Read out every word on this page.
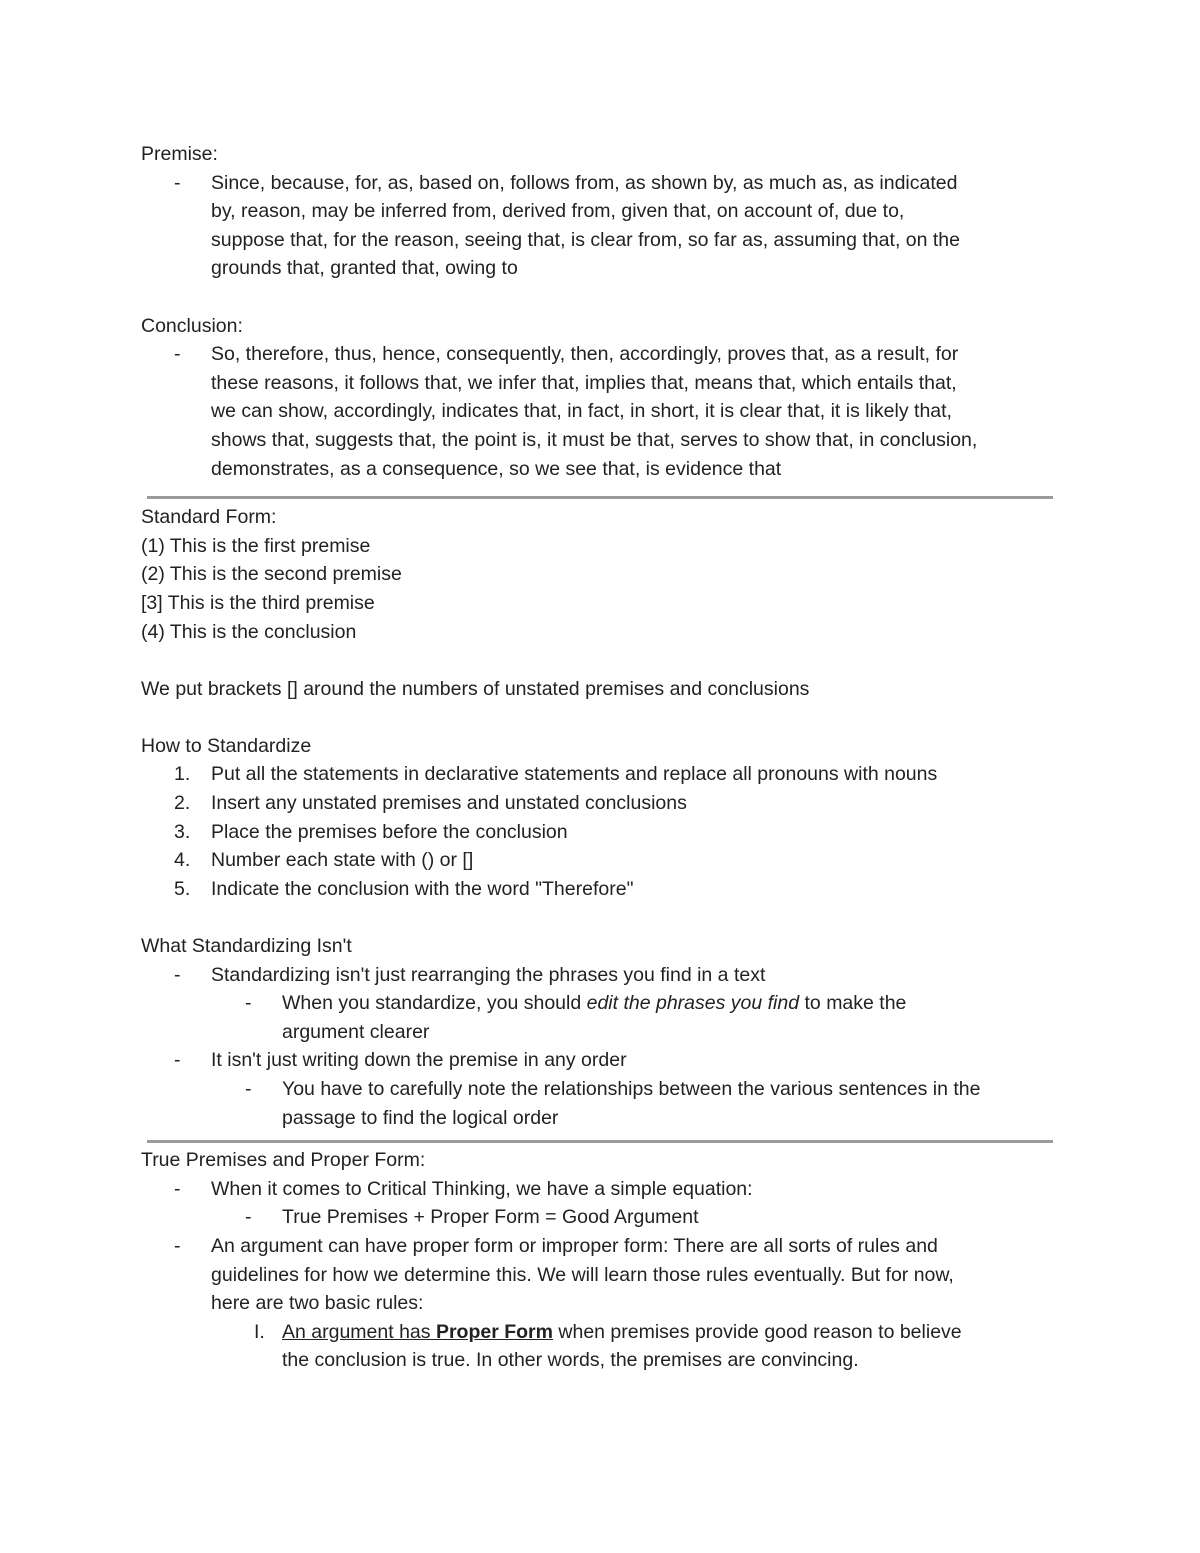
Premise:
-	Since, because, for, as, based on, follows from, as shown by, as much as, as indicated
by, reason, may be inferred from, derived from, given that, on account of, due to,
suppose that, for the reason, seeing that, is clear from, so far as, assuming that, on the
grounds that, granted that, owing to
Conclusion:
-	So, therefore, thus, hence, consequently, then, accordingly, proves that, as a result, for
these reasons, it follows that, we infer that, implies that, means that, which entails that,
we can show, accordingly, indicates that, in fact, in short, it is clear that, it is likely that,
shows that, suggests that, the point is, it must be that, serves to show that, in conclusion,
demonstrates, as a consequence, so we see that, is evidence that
Standard Form:
(1) This is the first premise
(2) This is the second premise
[3] This is the third premise
(4) This is the conclusion
We put brackets [] around the numbers of unstated premises and conclusions
How to Standardize
1.	Put all the statements in declarative statements and replace all pronouns with nouns
2.	Insert any unstated premises and unstated conclusions
3.	Place the premises before the conclusion
4.	Number each state with () or []
5.	Indicate the conclusion with the word "Therefore"
What Standardizing Isn't
-	Standardizing isn't just rearranging the phrases you find in a text
-	When you standardize, you should edit the phrases you find to make the
argument clearer
-	It isn't just writing down the premise in any order
-	You have to carefully note the relationships between the various sentences in the
passage to find the logical order
True Premises and Proper Form:
-	When it comes to Critical Thinking, we have a simple equation:
-	True Premises + Proper Form = Good Argument
-	An argument can have proper form or improper form: There are all sorts of rules and
guidelines for how we determine this. We will learn those rules eventually. But for now,
here are two basic rules:
I. An argument has Proper Form when premises provide good reason to believe
the conclusion is true. In other words, the premises are convincing.
